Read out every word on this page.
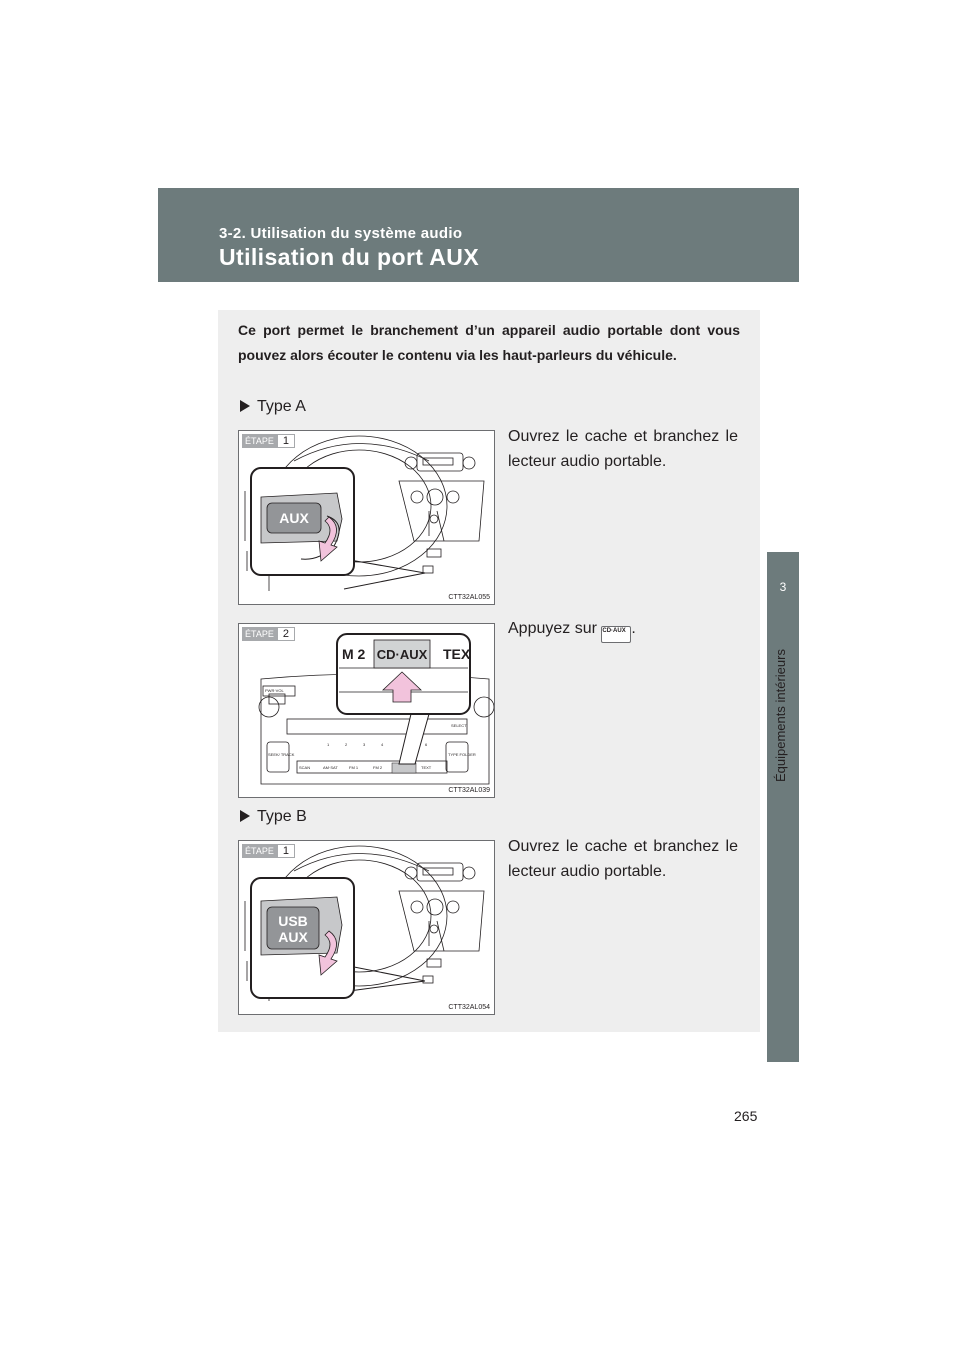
3-2. Utilisation du système audio
Utilisation du port AUX
3
Équipements intérieurs

Ce port permet le branchement d’un appareil audio portable dont vous pouvez alors écouter le contenu via les haut-parleurs du véhicule.

Type A
AUX
ÉTAPE 1
CTT32AL055

Ouvrez le cache et branchez le lecteur audio portable.

PWR·VOL
SELECT
1	2	3	4	6
SEEK/ TRACK	TYPE FOLDER
SCAN	AM·SAT	FM 1	FM 2	TEXT
M 2 CD·AUX TEX
ÉTAPE 2
CTT32AL039

Appuyez sur CD·AUX .

Type B
USB
AUX
ÉTAPE 1
CTT32AL054

Ouvrez le cache et branchez le lecteur audio portable.

265
